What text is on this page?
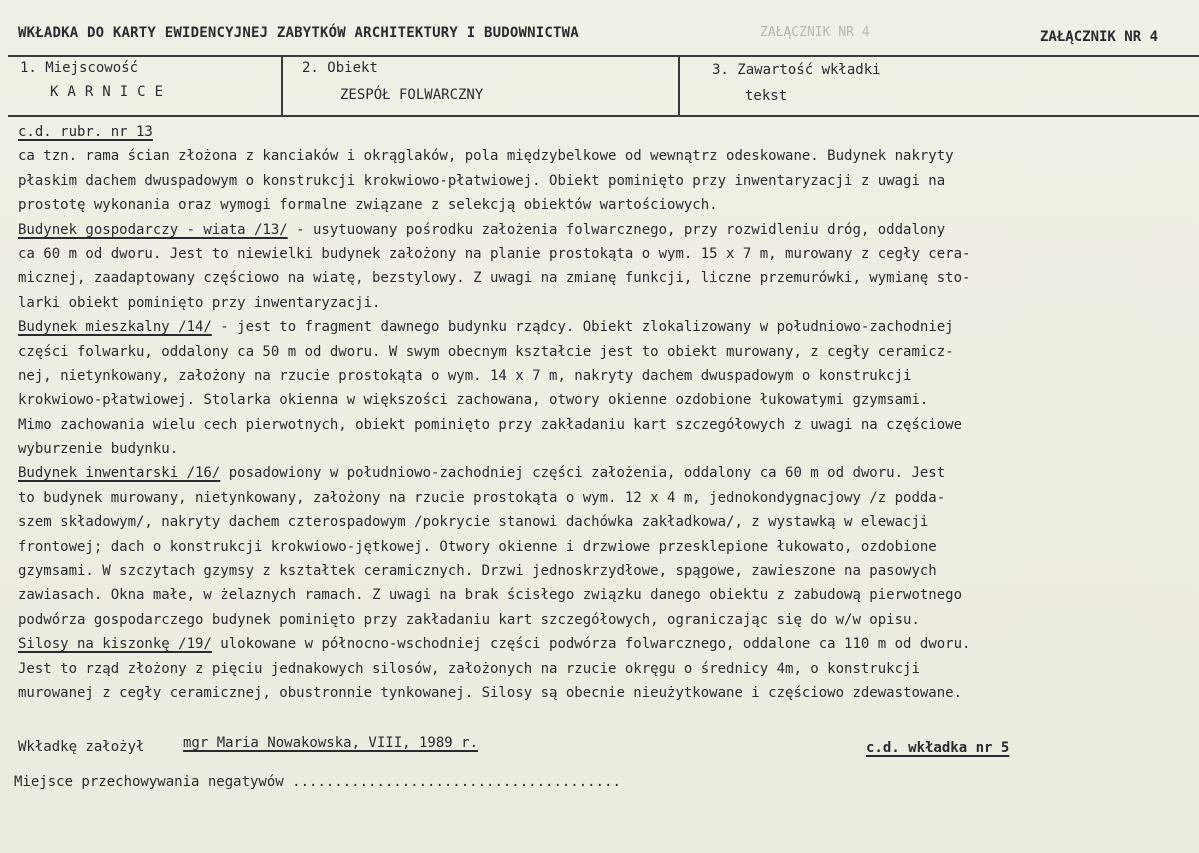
WKŁADKA DO KARTY EWIDENCYJNEJ ZABYTKÓW ARCHITEKTURY I BUDOWNICTWA	ZAŁĄCZNIK NR 4	ZAŁĄCZNIK NR 4
1. Miejscowość
KARNICE
2. Obiekt
ZESPÓŁ FOLWARCZNY
3. Zawartość wkładki
tekst
c.d. rubr. nr 13
ca tzn. rama ścian złożona z kanciaków i okrąglaków, pola międzybelkowe od wewnątrz odeskowane. Budynek nakryty
płaskim dachem dwuspadowym o konstrukcji krokwiowo-płatwiowej. Obiekt pominięto przy inwentaryzacji z uwagi na
prostotę wykonania oraz wymogi formalne związane z selekcją obiektów wartościowych.
Budynek gospodarczy - wiata /13/ - usytuowany pośrodku założenia folwarcznego, przy rozwidleniu dróg, oddalony
ca 60 m od dworu. Jest to niewielki budynek założony na planie prostokąta o wym. 15 x 7 m, murowany z cegły cera-
micznej, zaadaptowany częściowo na wiatę, bezstylowy. Z uwagi na zmianę funkcji, liczne przemurówki, wymianę sto-
larki obiekt pominięto przy inwentaryzacji.
Budynek mieszkalny /14/ - jest to fragment dawnego budynku rządcy. Obiekt zlokalizowany w południowo-zachodniej
części folwarku, oddalony ca 50 m od dworu. W swym obecnym kształcie jest to obiekt murowany, z cegły ceramicz-
nej, nietynkowany, założony na rzucie prostokąta o wym. 14 x 7 m, nakryty dachem dwuspadowym o konstrukcji
krokwiowo-płatwiowej. Stolarka okienna w większości zachowana, otwory okienne ozdobione łukowatymi gzymsami.
Mimo zachowania wielu cech pierwotnych, obiekt pominięto przy zakładaniu kart szczegółowych z uwagi na częściowe
wyburzenie budynku.
Budynek inwentarski /16/ posadowiony w południowo-zachodniej części założenia, oddalony ca 60 m od dworu. Jest
to budynek murowany, nietynkowany, założony na rzucie prostokąta o wym. 12 x 4 m, jednokondygnacjowy /z podda-
szem składowym/, nakryty dachem czterospadowym /pokrycie stanowi dachówka zakładkowa/, z wystawką w elewacji
frontowej; dach o konstrukcji krokwiowo-jętkowej. Otwory okienne i drzwiowe przesklepione łukowato, ozdobione
gzymsami. W szczytach gzymsy z kształtek ceramicznych. Drzwi jednoskrzydłowe, spągowe, zawieszone na pasowych
zawiasach. Okna małe, w żelaznych ramach. Z uwagi na brak ścisłego związku danego obiektu z zabudową pierwotnego
podwórza gospodarczego budynek pominięto przy zakładaniu kart szczegółowych, ograniczając się do w/w opisu.
Silosy na kiszonkę /19/ ulokowane w północno-wschodniej części podwórza folwarcznego, oddalone ca 110 m od dworu.
Jest to rząd złożony z pięciu jednakowych silosów, założonych na rzucie okręgu o średnicy 4m, o konstrukcji
murowanej z cegły ceramicznej, obustronnie tynkowanej. Silosy są obecnie nieużytkowane i częściowo zdewastowane.
Wkładkę założył	mgr Maria Nowakowska, VIII, 1989 r.	c.d. wkładka nr 5
Miejsce przechowywania negatywów .......................................
